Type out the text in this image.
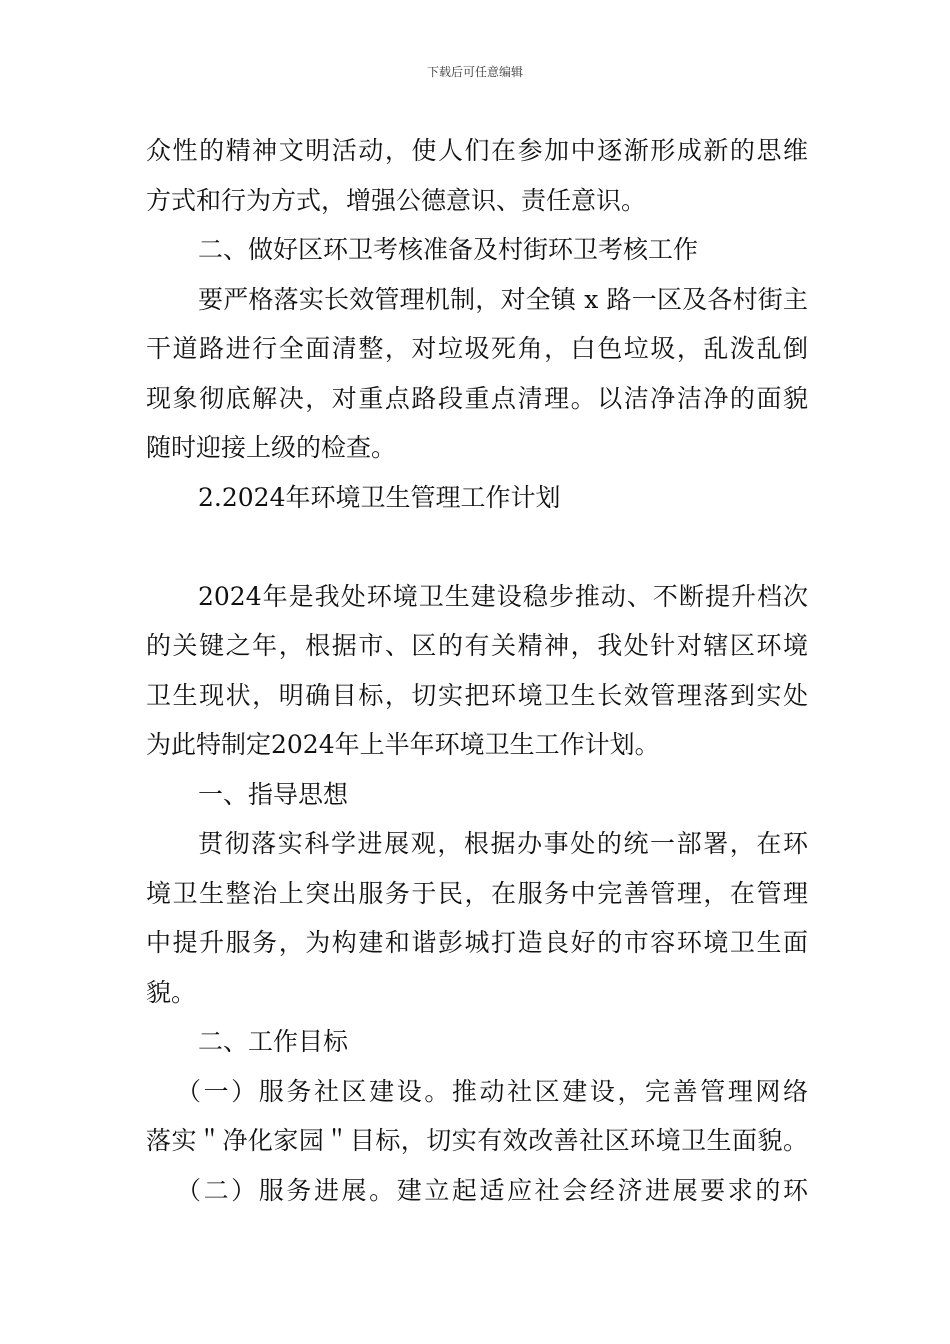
下载后可任意编辑
众性的精神文明活动，使人们在参加中逐渐形成新的思维
方式和行为方式，增强公德意识、责任意识。
二、做好区环卫考核准备及村街环卫考核工作
要严格落实长效管理机制，对全镇 x 路一区及各村街主
干道路进行全面清整，对垃圾死角，白色垃圾，乱泼乱倒
现象彻底解决，对重点路段重点清理。以洁净洁净的面貌
随时迎接上级的检查。
2.2024年环境卫生管理工作计划
2024年是我处环境卫生建设稳步推动、不断提升档次
的关键之年，根据市、区的有关精神，我处针对辖区环境
卫生现状，明确目标，切实把环境卫生长效管理落到实处
为此特制定2024年上半年环境卫生工作计划。
一、指导思想
贯彻落实科学进展观，根据办事处的统一部署，在环
境卫生整治上突出服务于民，在服务中完善管理，在管理
中提升服务，为构建和谐彭城打造良好的市容环境卫生面
貌。
二、工作目标
（一）服务社区建设。推动社区建设，完善管理网络
落实＂净化家园＂目标，切实有效改善社区环境卫生面貌。
（二）服务进展。建立起适应社会经济进展要求的环
